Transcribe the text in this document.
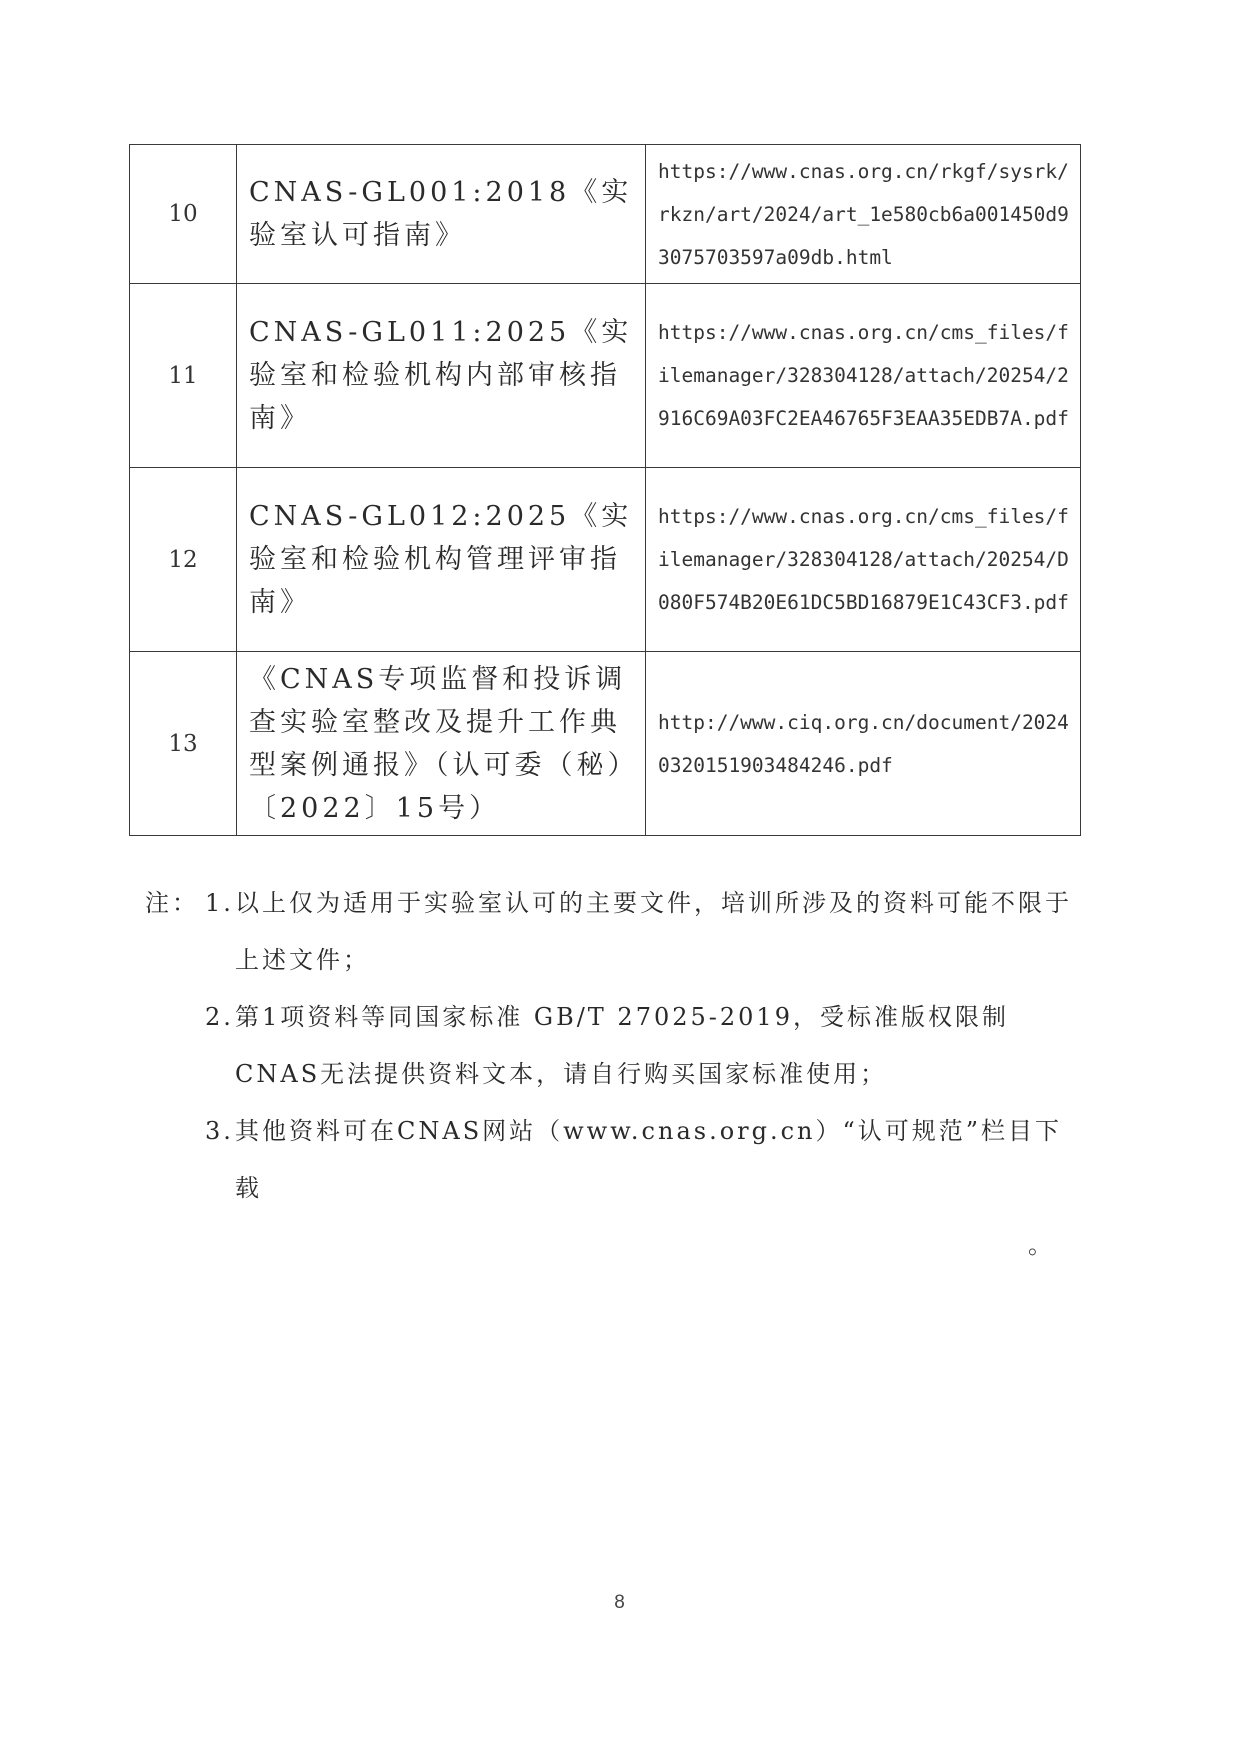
10	CNAS-GL001:2018《实验室认可指南》	https://www.cnas.org.cn/rkgf/sysrk/rkzn/art/2024/art_1e580cb6a001450d93075703597a09db.html
11	CNAS-GL011:2025《实验室和检验机构内部审核指南》	https://www.cnas.org.cn/cms_files/filemanager/328304128/attach/20254/2916C69A03FC2EA46765F3EAA35EDB7A.pdf
12	CNAS-GL012:2025《实验室和检验机构管理评审指南》	https://www.cnas.org.cn/cms_files/filemanager/328304128/attach/20254/D080F574B20E61DC5BD16879E1C43CF3.pdf
13	《CNAS专项监督和投诉调查实验室整改及提升工作典型案例通报》（认可委（秘）〔2022〕15号）	http://www.ciq.org.cn/document/20240320151903484246.pdf
注： 1. 以上仅为适用于实验室认可的主要文件，培训所涉及的资料可能不限于上述文件；
2. 第1项资料等同国家标准 GB/T 27025-2019，受标准版权限制CNAS无法提供资料文本，请自行购买国家标准使用；
3. 其他资料可在CNAS网站（www.cnas.org.cn）“认可规范”栏目下载
。
8
